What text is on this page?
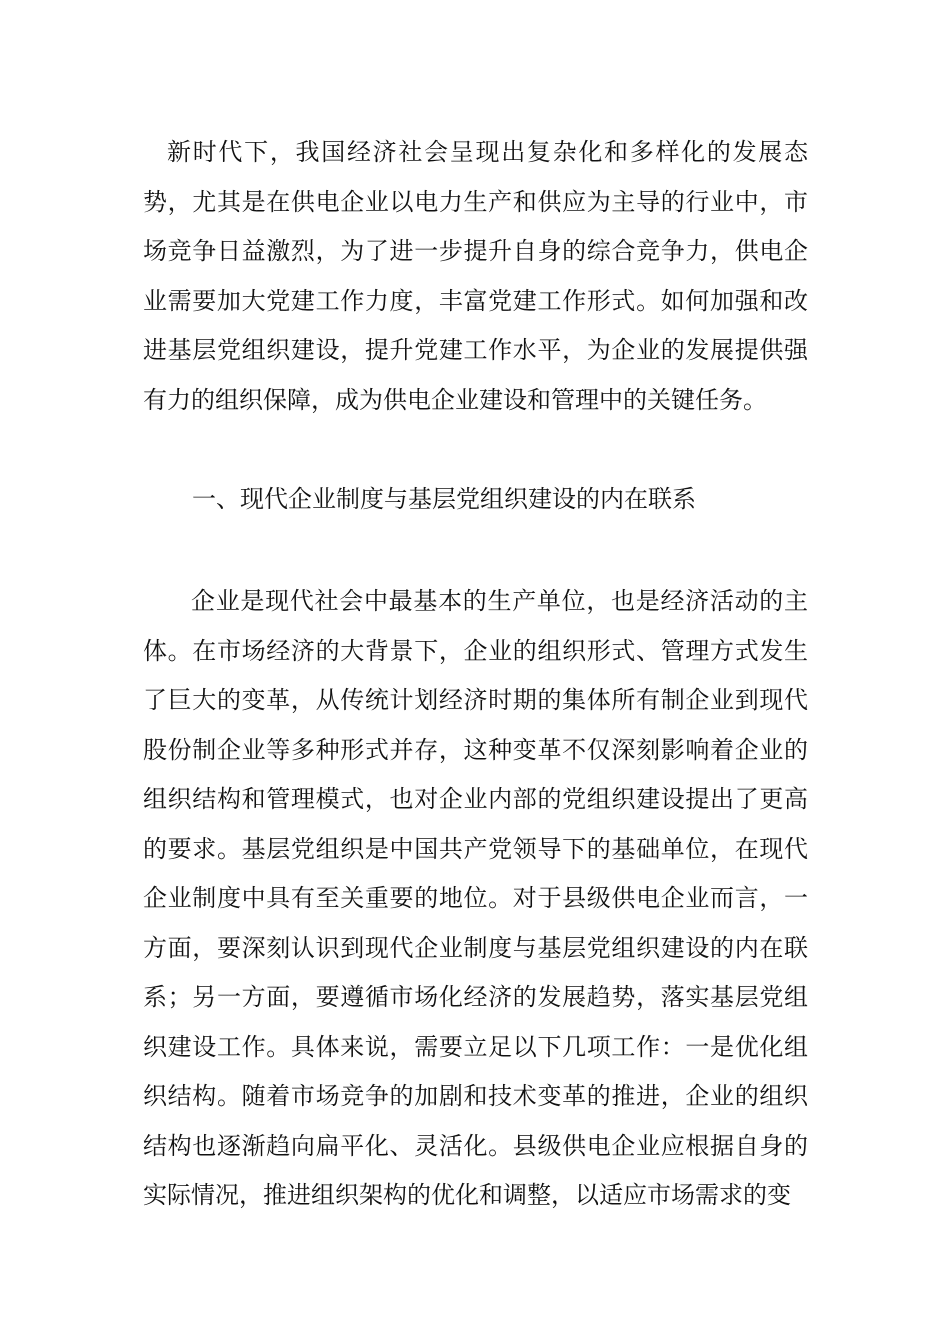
新时代下，我国经济社会呈现出复杂化和多样化的发展态势，尤其是在供电企业以电力生产和供应为主导的行业中，市场竞争日益激烈，为了进一步提升自身的综合竞争力，供电企业需要加大党建工作力度，丰富党建工作形式。如何加强和改进基层党组织建设，提升党建工作水平，为企业的发展提供强有力的组织保障，成为供电企业建设和管理中的关键任务。

一、现代企业制度与基层党组织建设的内在联系

企业是现代社会中最基本的生产单位，也是经济活动的主体。在市场经济的大背景下，企业的组织形式、管理方式发生了巨大的变革，从传统计划经济时期的集体所有制企业到现代股份制企业等多种形式并存，这种变革不仅深刻影响着企业的组织结构和管理模式，也对企业内部的党组织建设提出了更高的要求。基层党组织是中国共产党领导下的基础单位，在现代企业制度中具有至关重要的地位。对于县级供电企业而言，一方面，要深刻认识到现代企业制度与基层党组织建设的内在联系；另一方面，要遵循市场化经济的发展趋势，落实基层党组织建设工作。具体来说，需要立足以下几项工作：一是优化组织结构。随着市场竞争的加剧和技术变革的推进，企业的组织结构也逐渐趋向扁平化、灵活化。县级供电企业应根据自身的实际情况，推进组织架构的优化和调整，以适应市场需求的变
